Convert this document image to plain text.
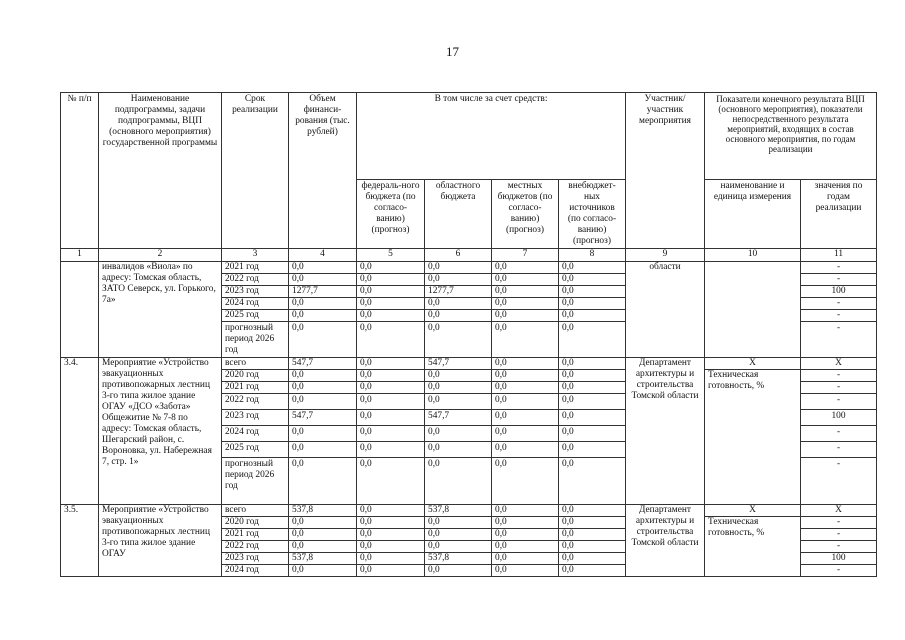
17
№ п/п	Наименование подпрограммы, задачи подпрограммы, ВЦП (основного мероприятия) государственной программы	Срок реализации	Объем финанси-рования (тыс. рублей)	В том числе за счет средств:				Участник/ участник мероприятия	Показатели конечного результата ВЦП (основного мероприятия), показатели непосредственного результата мероприятий, входящих в состав основного мероприятия, по годам реализации	
				федераль-ного бюджета (по согласо-ванию) (прогноз)	областного бюджета	местных бюджетов (по согласо-ванию) (прогноз)	внебюджет-ных источников (по согласо-ванию) (прогноз)		наименование и единица измерения	значения по годам реализации
1	2	3	4	5	6	7	8	9	10	11
	инвалидов «Виола» по адресу: Томская область, ЗАТО Северск, ул. Горького, 7а»	2021 год	0,0	0,0	0,0	0,0	0,0	области		-
		2022 год	0,0	0,0	0,0	0,0	0,0			-
		2023 год	1277,7	0,0	1277,7	0,0	0,0			100
		2024 год	0,0	0,0	0,0	0,0	0,0			-
		2025 год	0,0	0,0	0,0	0,0	0,0			-
		прогнозный период 2026 год	0,0	0,0	0,0	0,0	0,0			-
3.4.	Мероприятие «Устройство эвакуационных противопожарных лестниц 3-го типа жилое здание ОГАУ «ДСО «Забота» Общежитие № 7-8 по адресу: Томская область, Шегарский район, с. Вороновка, ул. Набережная 7, стр. 1»	всего	547,7	0,0	547,7	0,0	0,0	Департамент архитектуры и строительства Томской области	X	X
		2020 год	0,0	0,0	0,0	0,0	0,0		Техническая готовность, %	-
		2021 год	0,0	0,0	0,0	0,0	0,0			-
		2022 год	0,0	0,0	0,0	0,0	0,0			-
		2023 год	547,7	0,0	547,7	0,0	0,0			100
		2024 год	0,0	0,0	0,0	0,0	0,0			-
		2025 год	0,0	0,0	0,0	0,0	0,0			-
		прогнозный период 2026 год	0,0	0,0	0,0	0,0	0,0			-
3.5.	Мероприятие «Устройство эвакуационных противопожарных лестниц 3-го типа жилое здание ОГАУ	всего	537,8	0,0	537,8	0,0	0,0	Департамент архитектуры и строительства Томской области	X	X
		2020 год	0,0	0,0	0,0	0,0	0,0		Техническая готовность, %	-
		2021 год	0,0	0,0	0,0	0,0	0,0			-
		2022 год	0,0	0,0	0,0	0,0	0,0			-
		2023 год	537,8	0,0	537,8	0,0	0,0			100
		2024 год	0,0	0,0	0,0	0,0	0,0			-
